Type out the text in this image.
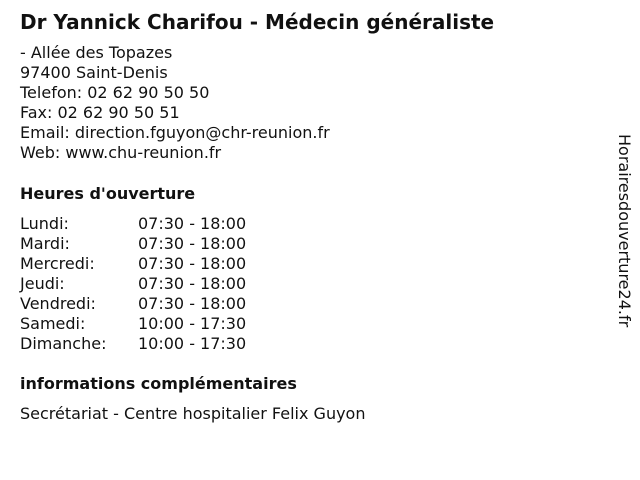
Dr Yannick Charifou - Médecin généraliste
- Allée des Topazes
97400 Saint-Denis
Telefon: 02 62 90 50 50
Fax: 02 62 90 50 51
Email: direction.fguyon@chr-reunion.fr
Web: www.chu-reunion.fr
Heures d'ouverture
Lundi:	07:30 - 18:00
Mardi:	07:30 - 18:00
Mercredi:	07:30 - 18:00
Jeudi:	07:30 - 18:00
Vendredi:	07:30 - 18:00
Samedi:	10:00 - 17:30
Dimanche:	10:00 - 17:30
informations complémentaires
Secrétariat - Centre hospitalier Felix Guyon
Horairesdouverture24.fr
